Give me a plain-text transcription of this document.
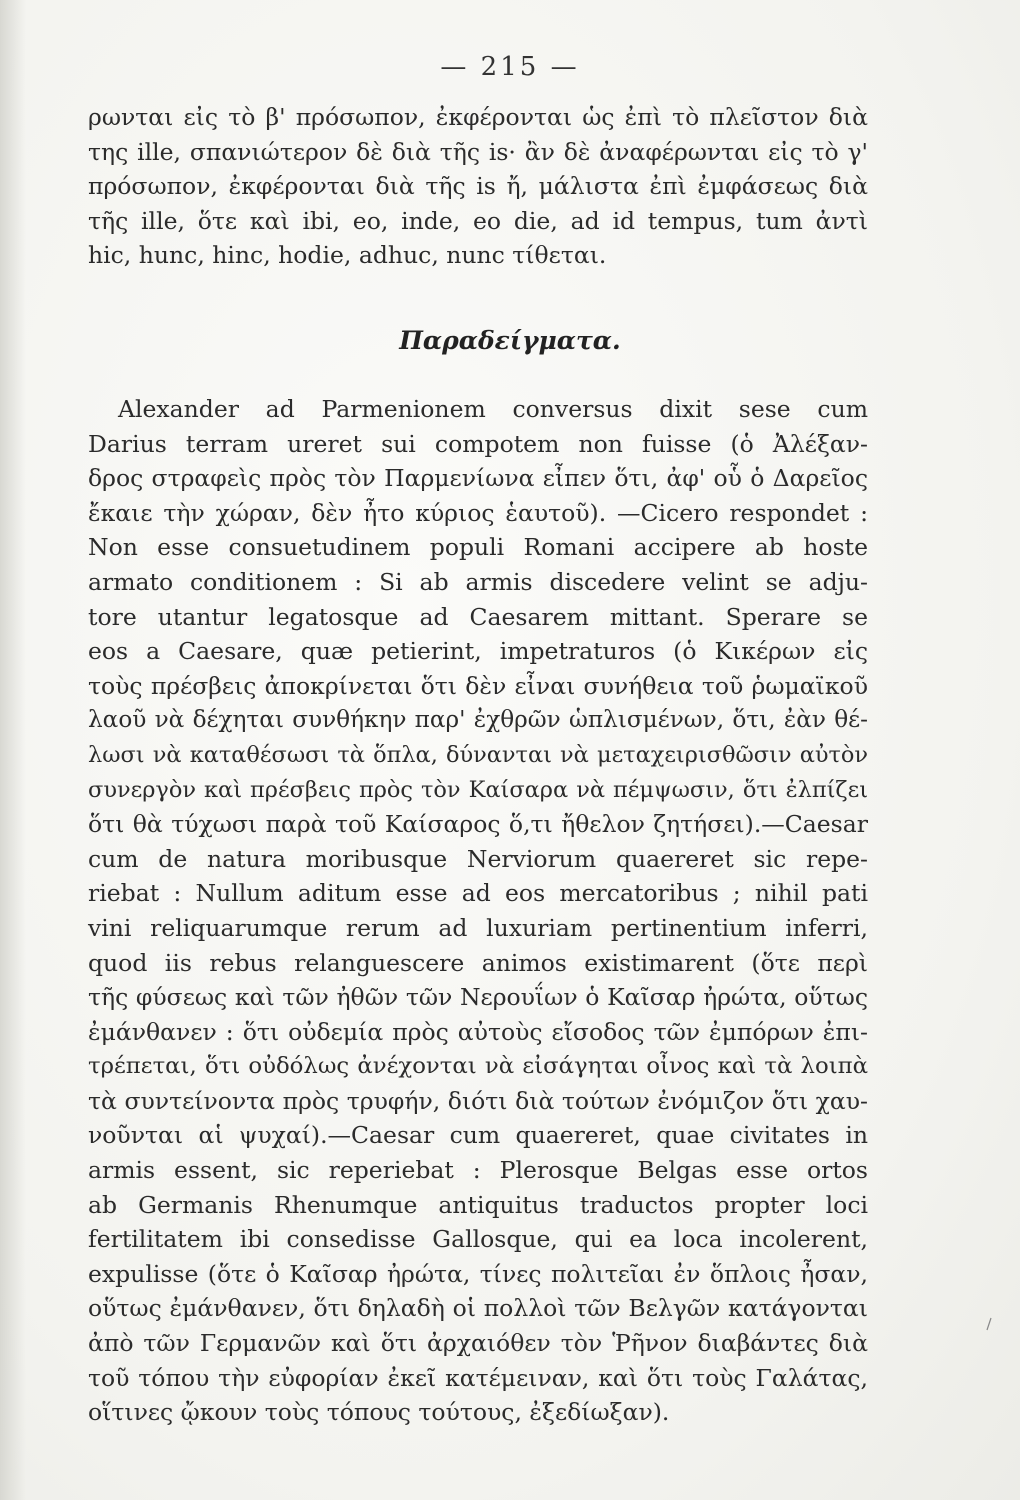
— 215 —
ρωνται εἰς τὸ β' πρόσωπον, ἐκφέρονται ὡς ἐπὶ τὸ πλεῖστον διὰ
της ille, σπανιώτερον δὲ διὰ τῆς is· ἂν δὲ ἀναφέρωνται εἰς τὸ γ'
πρόσωπον, ἐκφέρονται διὰ τῆς is ἤ, μάλιστα ἐπὶ ἐμφάσεως διὰ
τῆς ille, ὅτε καὶ ibi, eo, inde, eo die, ad id tempus, tum ἀντὶ
hic, hunc, hinc, hodie, adhuc, nunc τίθεται.
Παραδείγματα.
Alexander ad Parmenionem conversus dixit sese cum
Darius terram ureret sui compotem non fuisse (ὁ Ἀλέξαν-
δρος στραφεὶς πρὸς τὸν Παρμενίωνα εἶπεν ὅτι, ἀφ' οὗ ὁ Δαρεῖος
ἔκαιε τὴν χώραν, δὲν ἦτο κύριος ἑαυτοῦ). —Cicero respondet :
Non esse consuetudinem populi Romani accipere ab hoste
armato conditionem : Si ab armis discedere velint se adju-
tore utantur legatosque ad Caesarem mittant. Sperare se
eos a Caesare, quæ petierint, impetraturos (ὁ Κικέρων εἰς
τοὺς πρέσβεις ἀποκρίνεται ὅτι δὲν εἶναι συνήθεια τοῦ ῥωμαϊκοῦ
λαοῦ νὰ δέχηται συνθήκην παρ' ἐχθρῶν ὡπλισμένων, ὅτι, ἐὰν θέ-
λωσι νὰ καταθέσωσι τὰ ὅπλα, δύνανται νὰ μεταχειρισθῶσιν αὐτὸν
συνεργὸν καὶ πρέσβεις πρὸς τὸν Καίσαρα νὰ πέμψωσιν, ὅτι ἐλπίζει
ὅτι θὰ τύχωσι παρὰ τοῦ Καίσαρος ὅ,τι ἤθελον ζητήσει).—Caesar
cum de natura moribusque Nerviorum quaereret sic repe-
riebat : Nullum aditum esse ad eos mercatoribus ; nihil pati
vini reliquarumque rerum ad luxuriam pertinentium inferri,
quod iis rebus relanguescere animos existimarent (ὅτε περὶ
τῆς φύσεως καὶ τῶν ἠθῶν τῶν Νερουΐων ὁ Καῖσαρ ἠρώτα, οὕτως
ἐμάνθανεν : ὅτι οὐδεμία πρὸς αὐτοὺς εἴσοδος τῶν ἐμπόρων ἐπι-
τρέπεται, ὅτι οὐδόλως ἀνέχονται νὰ εἰσάγηται οἶνος καὶ τὰ λοιπὰ
τὰ συντείνοντα πρὸς τρυφήν, διότι διὰ τούτων ἐνόμιζον ὅτι χαυ-
νοῦνται αἱ ψυχαί).—Caesar cum quaereret, quae civitates in
armis essent, sic reperiebat : Plerosque Belgas esse ortos
ab Germanis Rhenumque antiquitus traductos propter loci
fertilitatem ibi consedisse Gallosque, qui ea loca incolerent,
expulisse (ὅτε ὁ Καῖσαρ ἠρώτα, τίνες πολιτεῖαι ἐν ὅπλοις ἦσαν,
οὕτως ἐμάνθανεν, ὅτι δηλαδὴ οἱ πολλοὶ τῶν Βελγῶν κατάγονται
ἀπὸ τῶν Γερμανῶν καὶ ὅτι ἀρχαιόθεν τὸν Ῥῆνον διαβάντες διὰ
τοῦ τόπου τὴν εὐφορίαν ἐκεῖ κατέμειναν, καὶ ὅτι τοὺς Γαλάτας,
οἵτινες ᾤκουν τοὺς τόπους τούτους, ἐξεδίωξαν).
